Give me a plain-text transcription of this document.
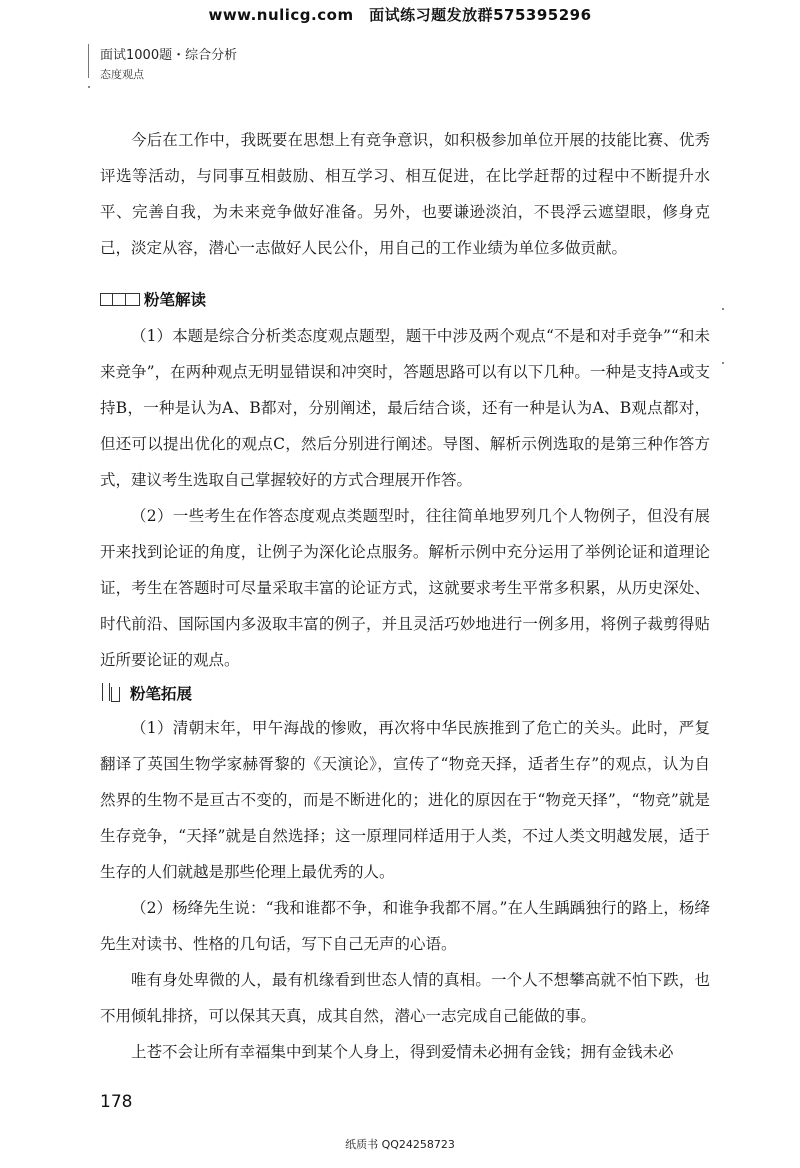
www.nulicg.com　面试练习题发放群575395296
面试1000题・综合分析
态度观点

今后在工作中，我既要在思想上有竞争意识，如积极参加单位开展的技能比赛、优秀评选等活动，与同事互相鼓励、相互学习、相互促进，在比学赶帮的过程中不断提升水平、完善自我，为未来竞争做好准备。另外，也要谦逊淡泊，不畏浮云遮望眼，修身克己，淡定从容，潜心一志做好人民公仆，用自己的工作业绩为单位多做贡献。

粉笔解读

（1）本题是综合分析类态度观点题型，题干中涉及两个观点“不是和对手竞争”“和未来竞争”，在两种观点无明显错误和冲突时，答题思路可以有以下几种。一种是支持A或支持B，一种是认为A、B都对，分别阐述，最后结合谈，还有一种是认为A、B观点都对，但还可以提出优化的观点C，然后分别进行阐述。导图、解析示例选取的是第三种作答方式，建议考生选取自己掌握较好的方式合理展开作答。

（2）一些考生在作答态度观点类题型时，往往简单地罗列几个人物例子，但没有展开来找到论证的角度，让例子为深化论点服务。解析示例中充分运用了举例论证和道理论证，考生在答题时可尽量采取丰富的论证方式，这就要求考生平常多积累，从历史深处、时代前沿、国际国内多汲取丰富的例子，并且灵活巧妙地进行一例多用，将例子裁剪得贴近所要论证的观点。

粉笔拓展

（1）清朝末年，甲午海战的惨败，再次将中华民族推到了危亡的关头。此时，严复翻译了英国生物学家赫胥黎的《天演论》，宣传了“物竞天择，适者生存”的观点，认为自然界的生物不是亘古不变的，而是不断进化的；进化的原因在于“物竞天择”，“物竞”就是生存竞争，“天择”就是自然选择；这一原理同样适用于人类，不过人类文明越发展，适于生存的人们就越是那些伦理上最优秀的人。

（2）杨绛先生说：“我和谁都不争，和谁争我都不屑。”在人生踽踽独行的路上，杨绛先生对读书、性格的几句话，写下自己无声的心语。

唯有身处卑微的人，最有机缘看到世态人情的真相。一个人不想攀高就不怕下跌，也不用倾轧排挤，可以保其天真，成其自然，潜心一志完成自己能做的事。

上苍不会让所有幸福集中到某个人身上，得到爱情未必拥有金钱；拥有金钱未必

178
纸质书 QQ24258723
